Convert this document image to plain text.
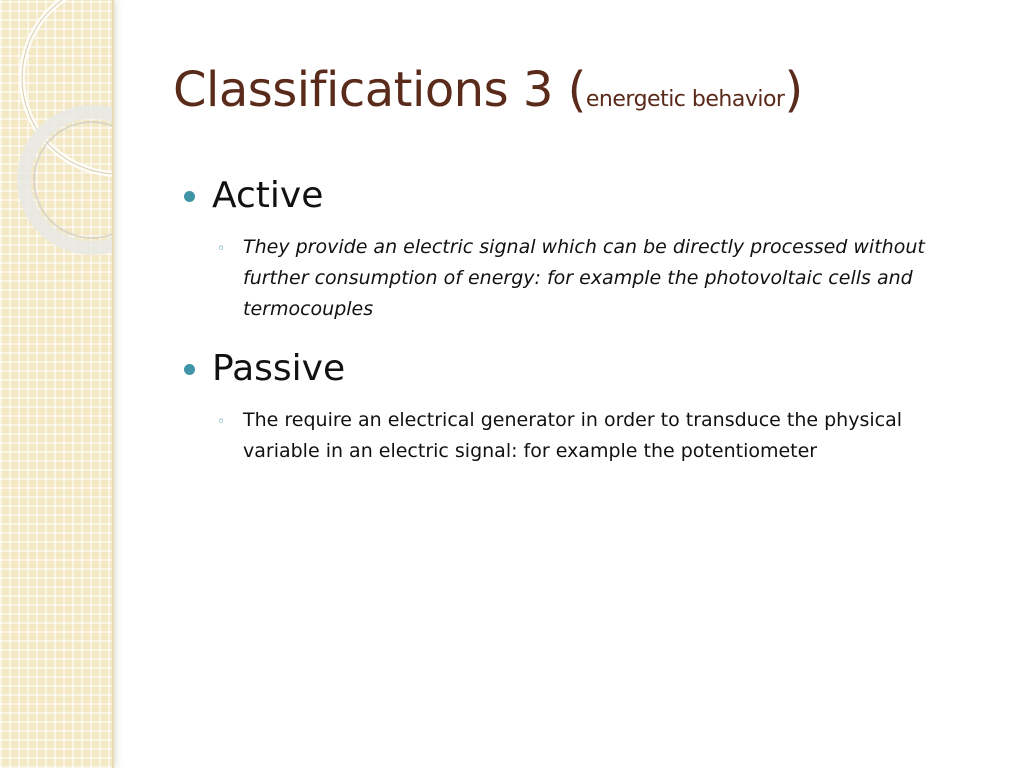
Classifications 3 (energetic behavior)
Active
◦ They provide an electric signal which can be directly processed without further consumption of energy: for example the photovoltaic cells and termocouples
Passive
◦ The require an electrical generator in order to transduce the physical variable in an electric signal: for example the potentiometer
